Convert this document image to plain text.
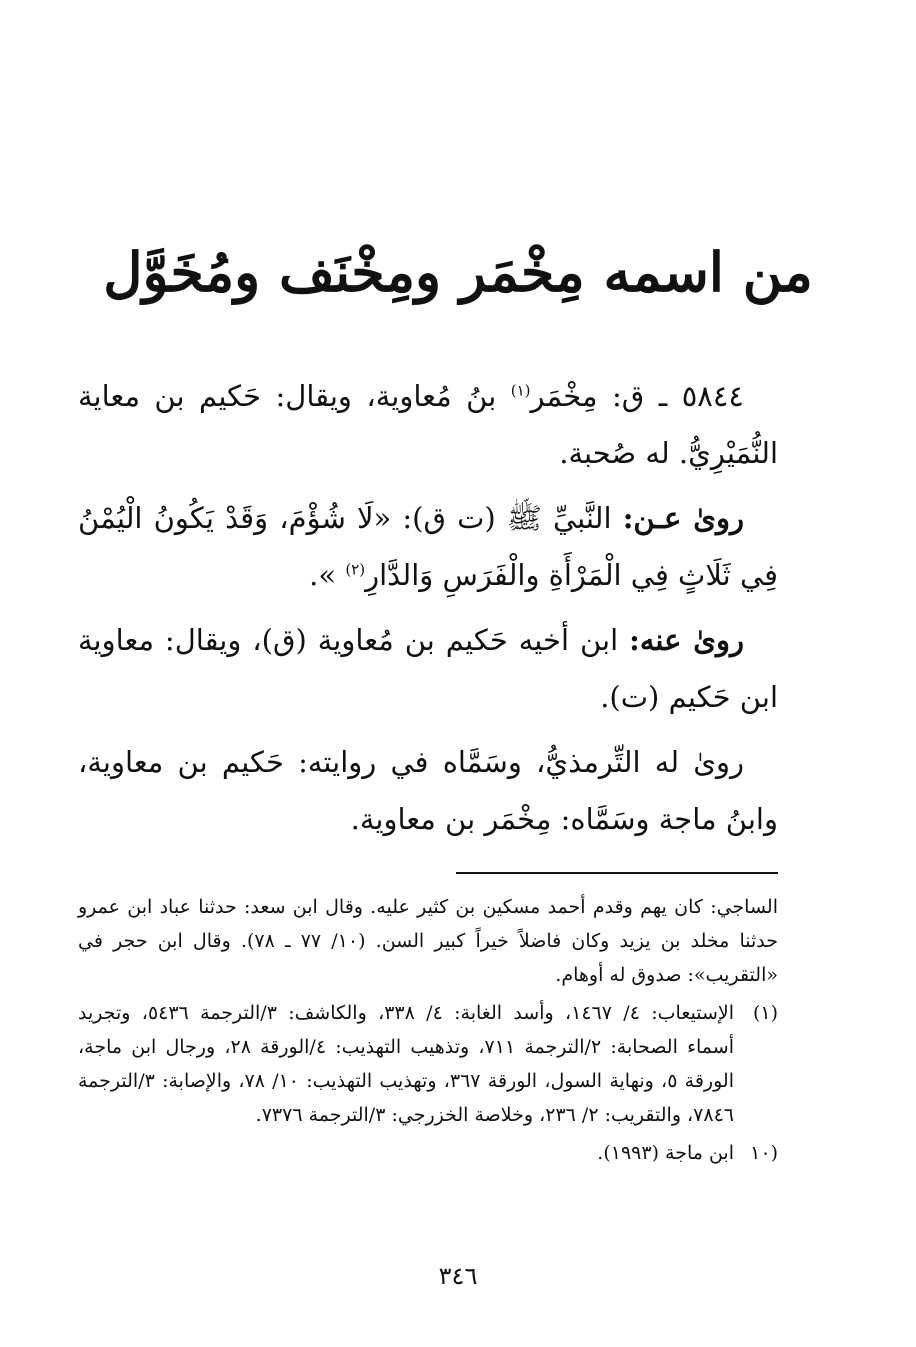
من اسمه مِخْمَر ومِخْنَف ومُخَوَّل

٥٨٤٤ ـ ق: مِخْمَر$^{(١)}$ بنُ مُعاوية، ويقال: حَكيم بن معاية النُّمَيْرِيُّ. له صُحبة.

روىٰ عـن: النَّبيِّ ﷺ (ت ق): «لَا شُؤْمَ، وَقَدْ يَكُونُ الْيُمْنُ فِي ثَلَاثٍ فِي الْمَرْأَةِ والْفَرَسِ وَالدَّارِ$^{(٢)}$ ».

روىٰ عنه: ابن أخيه حَكيم بن مُعاوية (ق)، ويقال: معاوية ابن حَكيم (ت).

روىٰ له التِّرمذيُّ، وسَمَّاه في روايته: حَكيم بن معاوية، وابنُ ماجة وسَمَّاه: مِخْمَر بن معاوية.

الساجي: كان يهم وقدم أحمد مسكين بن كثير عليه. وقال ابن سعد: حدثنا عباد ابن عمرو حدثنا مخلد بن يزيد وكان فاضلاً خيراً كبير السن. (١٠/ ٧٧ ـ ٧٨). وقال ابن حجر في «التقريب»: صدوق له أوهام.
(١)
الإستيعاب: ٤/ ١٤٦٧، وأسد الغابة: ٤/ ٣٣٨، والكاشف: ٣/الترجمة ٥٤٣٦، وتجريد أسماء الصحابة: ٢/الترجمة ٧١١، وتذهيب التهذيب: ٤/الورقة ٢٨، ورجال ابن ماجة، الورقة ٥، ونهاية السول، الورقة ٣٦٧، وتهذيب التهذيب: ١٠/ ٧٨، والإصابة: ٣/الترجمة ٧٨٤٦، والتقريب: ٢/ ٢٣٦، وخلاصة الخزرجي: ٣/الترجمة ٧٣٧٦.
(١٠
ابن ماجة (١٩٩٣).
٣٤٦
